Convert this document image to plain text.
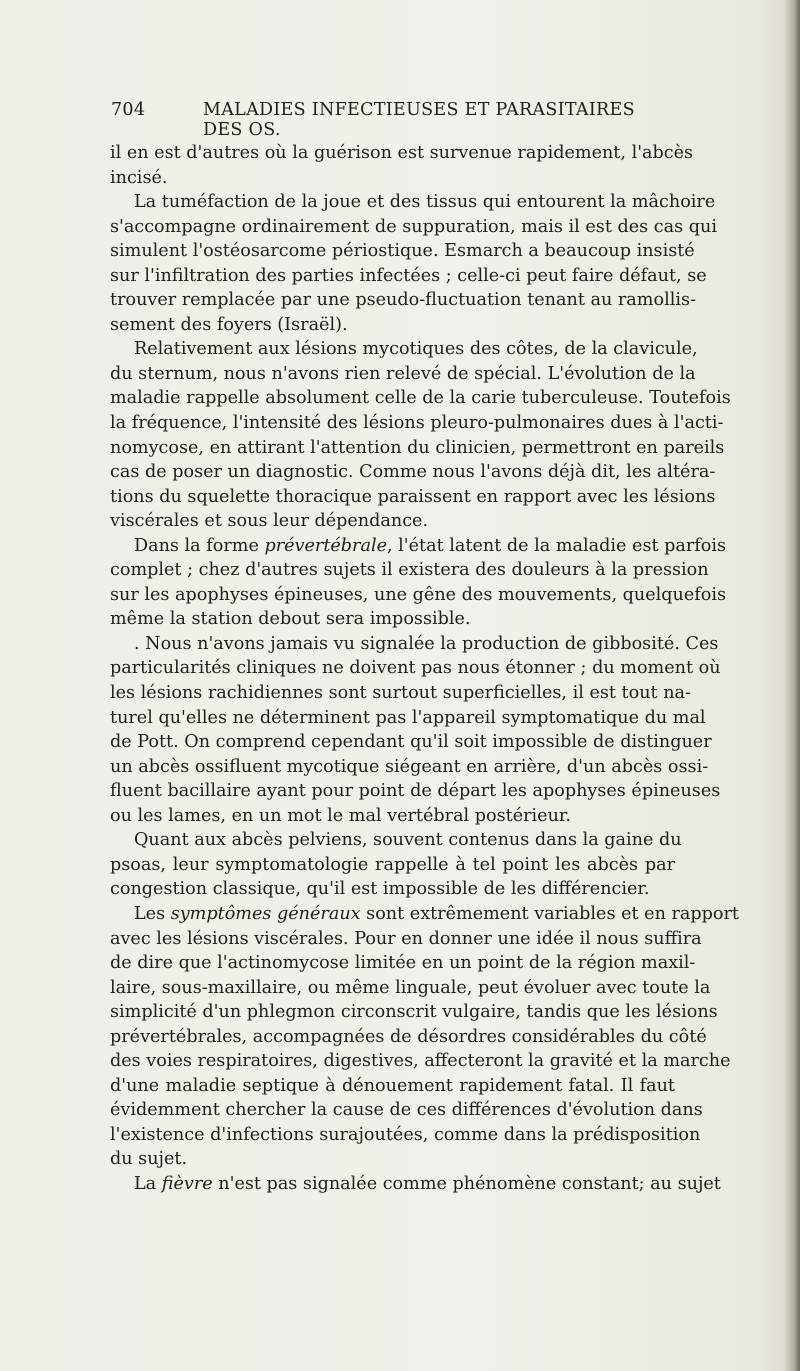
704	MALADIES INFECTIEUSES ET PARASITAIRES DES OS.
il en est d'autres où la guérison est survenue rapidement, l'abcès
incisé.
La tuméfaction de la joue et des tissus qui entourent la mâchoire
s'accompagne ordinairement de suppuration, mais il est des cas qui
simulent l'ostéosarcome périostique. Esmarch a beaucoup insisté
sur l'infiltration des parties infectées ; celle-ci peut faire défaut, se
trouver remplacée par une pseudo-fluctuation tenant au ramollis-
sement des foyers (Israël).
Relativement aux lésions mycotiques des côtes, de la clavicule,
du sternum, nous n'avons rien relevé de spécial. L'évolution de la
maladie rappelle absolument celle de la carie tuberculeuse. Toutefois
la fréquence, l'intensité des lésions pleuro-pulmonaires dues à l'acti-
nomycose, en attirant l'attention du clinicien, permettront en pareils
cas de poser un diagnostic. Comme nous l'avons déjà dit, les altéra-
tions du squelette thoracique paraissent en rapport avec les lésions
viscérales et sous leur dépendance.
Dans la forme prévertébrale, l'état latent de la maladie est parfois
complet ; chez d'autres sujets il existera des douleurs à la pression
sur les apophyses épineuses, une gêne des mouvements, quelquefois
même la station debout sera impossible.
. Nous n'avons jamais vu signalée la production de gibbosité. Ces
particularités cliniques ne doivent pas nous étonner ; du moment où
les lésions rachidiennes sont surtout superficielles, il est tout na-
turel qu'elles ne déterminent pas l'appareil symptomatique du mal
de Pott. On comprend cependant qu'il soit impossible de distinguer
un abcès ossifluent mycotique siégeant en arrière, d'un abcès ossi-
fluent bacillaire ayant pour point de départ les apophyses épineuses
ou les lames, en un mot le mal vertébral postérieur.
Quant aux abcès pelviens, souvent contenus dans la gaine du
psoas, leur symptomatologie rappelle à tel point les abcès par
congestion classique, qu'il est impossible de les différencier.
Les symptômes généraux sont extrêmement variables et en rapport
avec les lésions viscérales. Pour en donner une idée il nous suffira
de dire que l'actinomycose limitée en un point de la région maxil-
laire, sous-maxillaire, ou même linguale, peut évoluer avec toute la
simplicité d'un phlegmon circonscrit vulgaire, tandis que les lésions
prévertébrales, accompagnées de désordres considérables du côté
des voies respiratoires, digestives, affecteront la gravité et la marche
d'une maladie septique à dénouement rapidement fatal. Il faut
évidemment chercher la cause de ces différences d'évolution dans
l'existence d'infections surajoutées, comme dans la prédisposition
du sujet.
La fièvre n'est pas signalée comme phénomène constant; au sujet
